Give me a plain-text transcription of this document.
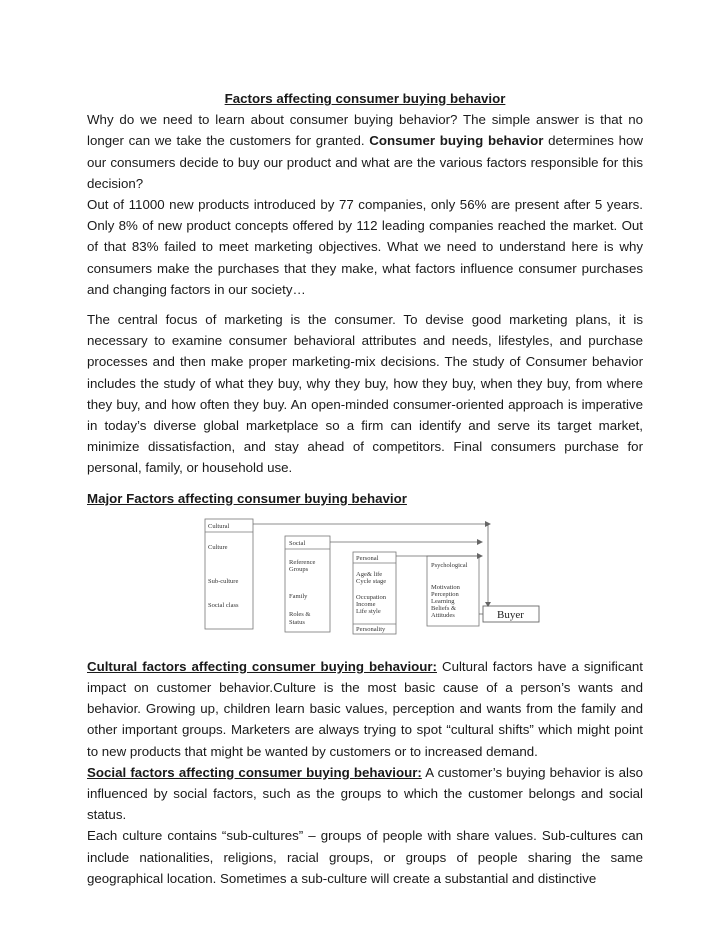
Factors affecting consumer buying behavior

Why do we need to learn about consumer buying behavior? The simple answer is that no longer can we take the customers for granted. Consumer buying behavior determines how our consumers decide to buy our product and what are the various factors responsible for this decision?

Out of 11000 new products introduced by 77 companies, only 56% are present after 5 years. Only 8% of new product concepts offered by 112 leading companies reached the market. Out of that 83% failed to meet marketing objectives. What we need to understand here is why consumers make the purchases that they make, what factors influence consumer purchases and changing factors in our society…

The central focus of marketing is the consumer. To devise good marketing plans, it is necessary to examine consumer behavioral attributes and needs, lifestyles, and purchase processes and then make proper marketing-mix decisions. The study of Consumer behavior includes the study of what they buy, why they buy, how they buy, when they buy, from where they buy, and how often they buy. An open-minded consumer-oriented approach is imperative in today’s diverse global marketplace so a firm can identify and serve its target market, minimize dissatisfaction, and stay ahead of competitors. Final consumers purchase for personal, family, or household use.

Major Factors affecting consumer buying behavior

Cultural
Culture
Sub-culture
Social class
Social
Reference
Groups
Family
Roles &
Status
Personal
Age& life
Cycle stage
Occupation
Income
Life style
Personality
Psychological
Motivation
Perception
Learning
Beliefs &
Attitudes	Buyer

Cultural factors affecting consumer buying behaviour: Cultural factors have a significant impact on customer behavior.Culture is the most basic cause of a person’s wants and behavior. Growing up, children learn basic values, perception and wants from the family and other important groups. Marketers are always trying to spot “cultural shifts” which might point to new products that might be wanted by customers or to increased demand.

Social factors affecting consumer buying behaviour: A customer’s buying behavior is also influenced by social factors, such as the groups to which the customer belongs and social status.

Each culture contains “sub-cultures” – groups of people with share values. Sub-cultures can include nationalities, religions, racial groups, or groups of people sharing the same geographical location. Sometimes a sub-culture will create a substantial and distinctive
